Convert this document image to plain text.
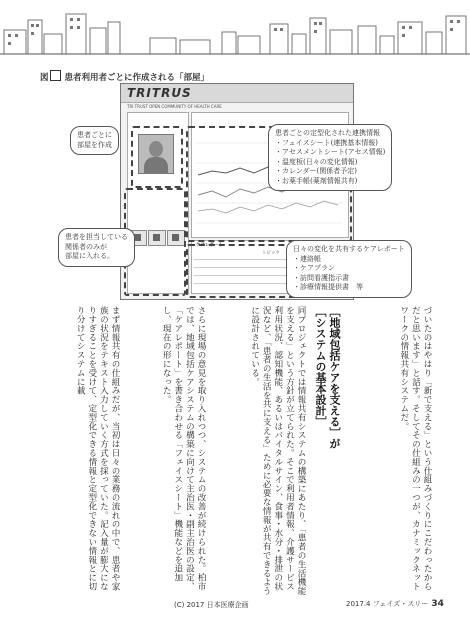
図 患者利用者ごとに作成される「部屋」
TRITRUS
TRI TRUST OPEN COMMUNITY OF HEALTH CARE
ケアレポート
トピック
患者ごとに
部屋を作成
患者を担当している
関係者のみが
部屋に入れる。
患者ごとの定型化された連携情報
・フェイスシート(連携基本情報)
・アセスメントシート(アセス情報)
・温度板(日々の変化情報)
・カレンダー(関係者予定)
・お薬手帳(薬剤情報共有)
日々の変化を共有するケアレポート
・連絡帳
・ケアプラン
・訪問看護指示書
・診療情報提供書　等
［地域包括ケアを支える］が［システムの基本設計］	づいたのはやはり「新で支える」という仕組みづくりにこだわったからだと思います」と話す。そしてその仕組みの一つが、カナミックネットワークの情報共有システムだ。
同プロジェクトでは情報共有システムの構築にあたり、「患者の生活機能を支える」という方針が立てられた。そこで利用者情報、介護サービス利用状況、認知機能、あるいはバイタルサイン、食事・水分・排泄の状況など、「患者の生活を共に支える」ために必要な情報が共有できるように設計されている。
まず情報共有の仕組みだが、当初は日々の業務の流れの中で、患者や家族の状況をテキスト入力していく方式を採っていた。記入量が膨大になりすぎることを受けて、定型化できる情報と定型化できない情報とに切り分けてシステムに載	さらに現場の意見を取り入れつつ、システムの改善が続けられた。柏市では、地域包括ケアシステムの構築に向けて主治医・副主治医の設定、「ケアレポート」を書き合わせる「フェイスシート」機能などを追加し、現在の形になった。
(C) 2017 日本医療企画	2017.4 フェイズ・スリー 34
